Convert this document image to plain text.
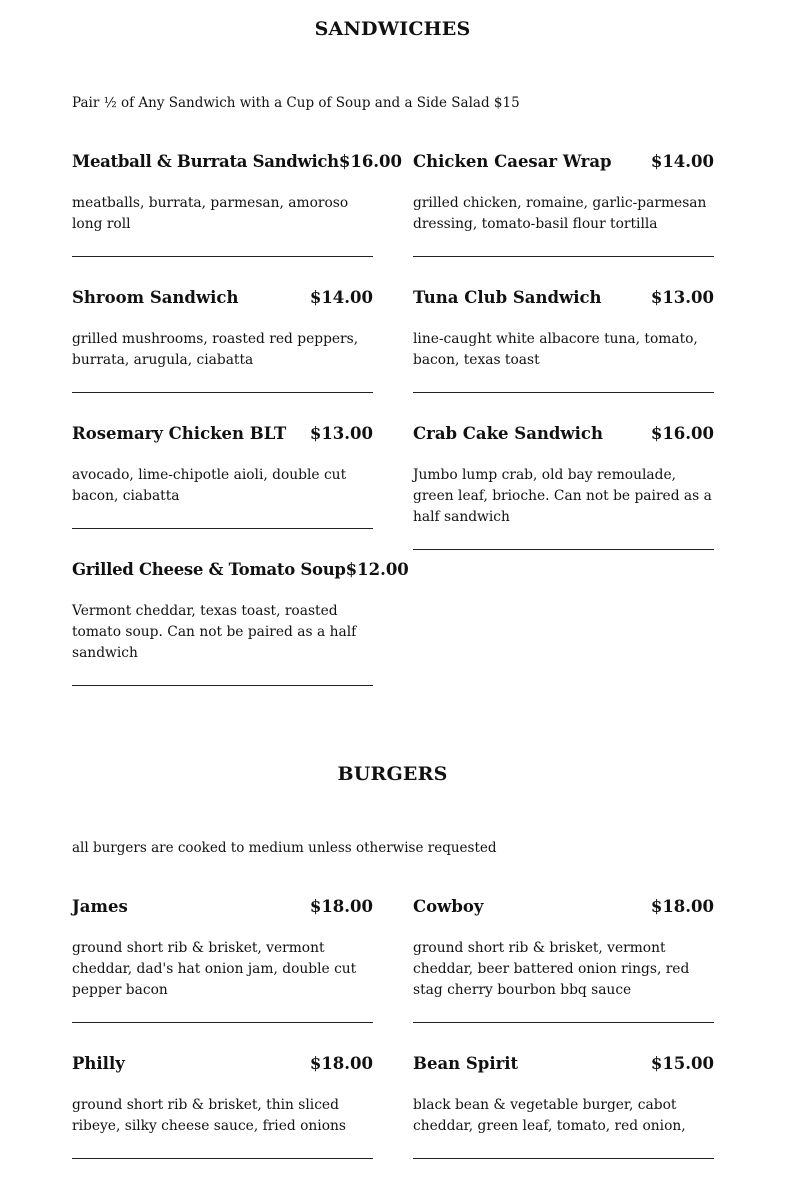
SANDWICHES

Pair ½ of Any Sandwich with a Cup of Soup and a Side Salad $15

Meatball & Burrata Sandwich $16.00
meatballs, burrata, parmesan, amoroso long roll
Shroom Sandwich	$14.00
grilled mushrooms, roasted red peppers, burrata, arugula, ciabatta
Rosemary Chicken BLT $13.00
avocado, lime-chipotle aioli, double cut bacon, ciabatta
Grilled Cheese & Tomato Soup $12.00
Vermont cheddar, texas toast, roasted tomato soup. Can not be paired as a half sandwich
Chicken Caesar Wrap $14.00
grilled chicken, romaine, garlic-parmesan dressing, tomato-basil flour tortilla
Tuna Club Sandwich	$13.00
line-caught white albacore tuna, tomato, bacon, texas toast
Crab Cake Sandwich	$16.00
Jumbo lump crab, old bay remoulade, green leaf, brioche. Can not be paired as a half sandwich
BURGERS

all burgers are cooked to medium unless otherwise requested

James	$18.00
ground short rib & brisket, vermont cheddar, dad's hat onion jam, double cut pepper bacon
Philly	$18.00
ground short rib & brisket, thin sliced ribeye, silky cheese sauce, fried onions
Cowboy	$18.00
ground short rib & brisket, vermont cheddar, beer battered onion rings, red stag cherry bourbon bbq sauce
Bean Spirit	$15.00
black bean & vegetable burger, cabot cheddar, green leaf, tomato, red onion,
